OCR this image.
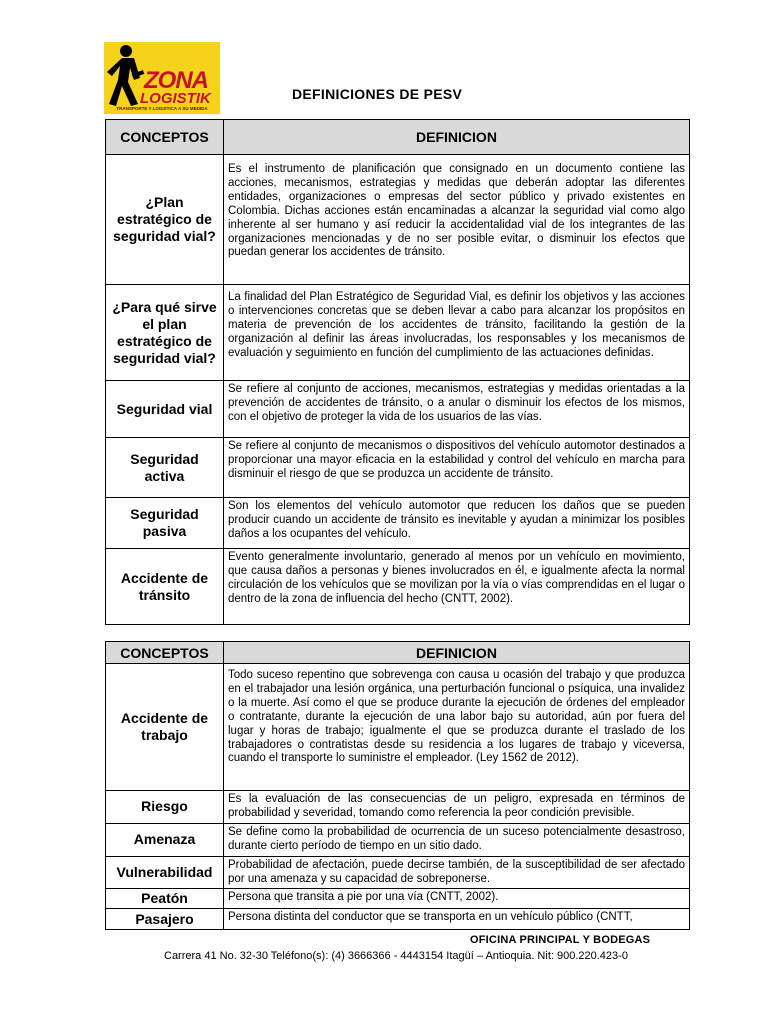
ZONA
LOGISTIK
TRANSPORTE Y LOGISTICA A SU MEDIDA
DEFINICIONES DE PESV
CONCEPTOS	DEFINICION
¿Plan estratégico de seguridad vial?	Es el instrumento de planificación que consignado en un documento contiene las acciones, mecanismos, estrategias y medidas que deberán adoptar las diferentes entidades, organizaciones o empresas del sector público y privado existentes en Colombia. Dichas acciones están encaminadas a alcanzar la seguridad vial como algo inherente al ser humano y así reducir la accidentalidad vial de los integrantes de las organizaciones mencionadas y de no ser posible evitar, o disminuir los efectos que puedan generar los accidentes de tránsito.
¿Para qué sirve el plan estratégico de seguridad vial?	La finalidad del Plan Estratégico de Seguridad Vial, es definir los objetivos y las acciones o intervenciones concretas que se deben llevar a cabo para alcanzar los propósitos en materia de prevención de los accidentes de tránsito, facilitando la gestión de la organización al definir las áreas involucradas, los responsables y los mecanismos de evaluación y seguimiento en función del cumplimiento de las actuaciones definidas.
Seguridad vial	Se refiere al conjunto de acciones, mecanismos, estrategias y medidas orientadas a la prevención de accidentes de tránsito, o a anular o disminuir los efectos de los mismos, con el objetivo de proteger la vida de los usuarios de las vías.
Seguridad activa	Se refiere al conjunto de mecanismos o dispositivos del vehículo automotor destinados a proporcionar una mayor eficacia en la estabilidad y control del vehículo en marcha para disminuir el riesgo de que se produzca un accidente de tránsito.
Seguridad pasiva	Son los elementos del vehículo automotor que reducen los daños que se pueden producir cuando un accidente de tránsito es inevitable y ayudan a minimizar los posibles daños a los ocupantes del vehículo.
Accidente de tránsito	Evento generalmente involuntario, generado al menos por un vehículo en movimiento, que causa daños a personas y bienes involucrados en él, e igualmente afecta la normal circulación de los vehículos que se movilizan por la vía o vías comprendidas en el lugar o dentro de la zona de influencia del hecho (CNTT, 2002).
CONCEPTOS	DEFINICION
Accidente de trabajo	Todo suceso repentino que sobrevenga con causa u ocasión del trabajo y que produzca en el trabajador una lesión orgánica, una perturbación funcional o psíquica, una invalidez o la muerte. Así como el que se produce durante la ejecución de órdenes del empleador o contratante, durante la ejecución de una labor bajo su autoridad, aún por fuera del lugar y horas de trabajo; igualmente el que se produzca durante el traslado de los trabajadores o contratistas desde su residencia a los lugares de trabajo y viceversa, cuando el transporte lo suministre el empleador. (Ley 1562 de 2012).
Riesgo	Es la evaluación de las consecuencias de un peligro, expresada en términos de probabilidad y severidad, tomando como referencia la peor condición previsible.
Amenaza	Se define como la probabilidad de ocurrencia de un suceso potencialmente desastroso, durante cierto período de tiempo en un sitio dado.
Vulnerabilidad	Probabilidad de afectación, puede decirse también, de la susceptibilidad de ser afectado por una amenaza y su capacidad de sobreponerse.
Peatón	Persona que transita a pie por una vía (CNTT, 2002).
Pasajero	Persona distinta del conductor que se transporta en un vehículo público (CNTT,
OFICINA PRINCIPAL Y BODEGAS
Carrera 41 No. 32-30 Teléfono(s): (4) 3666366 - 4443154 Itagüí – Antioquia. Nit: 900.220.423-0
